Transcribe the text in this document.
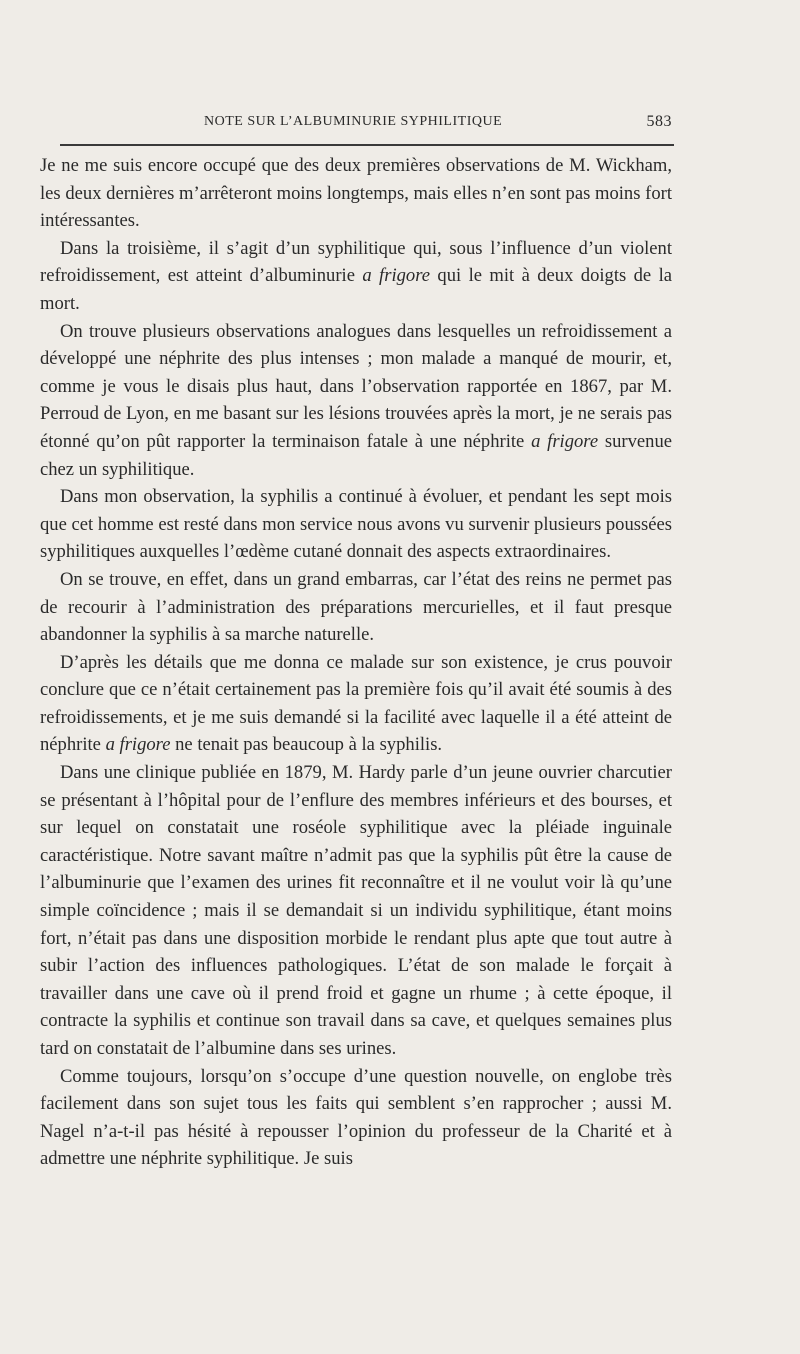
NOTE SUR L’ALBUMINURIE SYPHILITIQUE	583

Je ne me suis encore occupé que des deux premières observations de M. Wickham, les deux dernières m’arrêteront moins longtemps, mais elles n’en sont pas moins fort intéressantes.

Dans la troisième, il s’agit d’un syphilitique qui, sous l’influence d’un violent refroidissement, est atteint d’albuminurie a frigore qui le mit à deux doigts de la mort.

On trouve plusieurs observations analogues dans lesquelles un refroidissement a développé une néphrite des plus intenses ; mon malade a manqué de mourir, et, comme je vous le disais plus haut, dans l’observation rapportée en 1867, par M. Perroud de Lyon, en me basant sur les lésions trouvées après la mort, je ne serais pas étonné qu’on pût rapporter la terminaison fatale à une néphrite a frigore survenue chez un syphilitique.

Dans mon observation, la syphilis a continué à évoluer, et pendant les sept mois que cet homme est resté dans mon service nous avons vu survenir plusieurs poussées syphilitiques auxquelles l’œdème cutané donnait des aspects extraordinaires.

On se trouve, en effet, dans un grand embarras, car l’état des reins ne permet pas de recourir à l’administration des préparations mercurielles, et il faut presque abandonner la syphilis à sa marche naturelle.

D’après les détails que me donna ce malade sur son existence, je crus pouvoir conclure que ce n’était certainement pas la première fois qu’il avait été soumis à des refroidissements, et je me suis demandé si la facilité avec laquelle il a été atteint de néphrite a frigore ne tenait pas beaucoup à la syphilis.

Dans une clinique publiée en 1879, M. Hardy parle d’un jeune ouvrier charcutier se présentant à l’hôpital pour de l’enflure des membres inférieurs et des bourses, et sur lequel on constatait une roséole syphilitique avec la pléiade inguinale caractéristique. Notre savant maître n’admit pas que la syphilis pût être la cause de l’albuminurie que l’examen des urines fit reconnaître et il ne voulut voir là qu’une simple coïncidence ; mais il se demandait si un individu syphilitique, étant moins fort, n’était pas dans une disposition morbide le rendant plus apte que tout autre à subir l’action des influences pathologiques. L’état de son malade le forçait à travailler dans une cave où il prend froid et gagne un rhume ; à cette époque, il contracte la syphilis et continue son travail dans sa cave, et quelques semaines plus tard on constatait de l’albumine dans ses urines.

Comme toujours, lorsqu’on s’occupe d’une question nouvelle, on englobe très facilement dans son sujet tous les faits qui semblent s’en rapprocher ; aussi M. Nagel n’a-t-il pas hésité à repousser l’opinion du professeur de la Charité et à admettre une néphrite syphilitique. Je suis
